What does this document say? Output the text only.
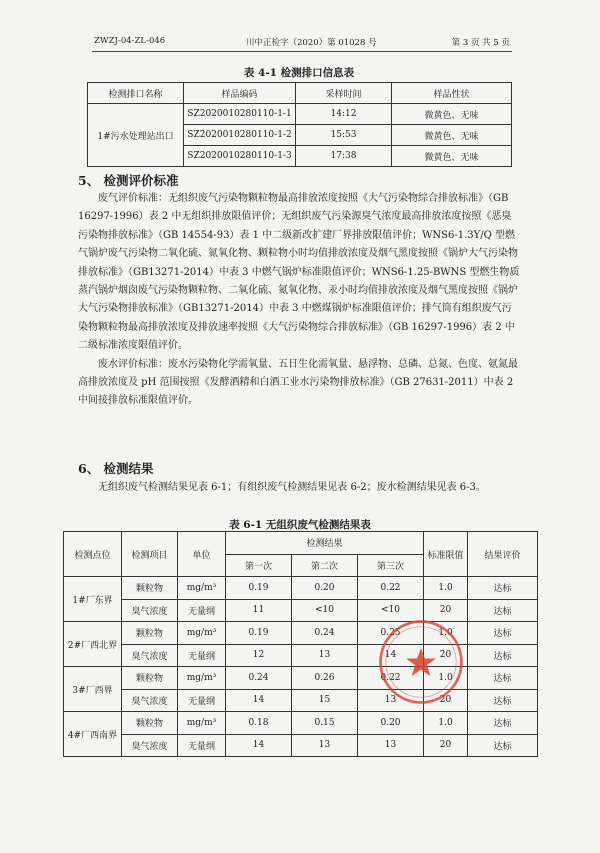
ZWZJ-04-ZL-046	川中正检字（2020）第 01028 号	第 3 页 共 5 页
表 4-1 检测排口信息表
检测排口名称	样品编码	采样时间	样品性状
1#污水处理站出口	SZ2020010280110-1-1	14:12	微黄色、无味
	SZ2020010280110-1-2	15:53	微黄色、无味
	SZ2020010280110-1-3	17:38	微黄色、无味
5、 检测评价标准

废气评价标准：无组织废气污染物颗粒物最高排放浓度按照《大气污染物综合排放标准》（GB 16297-1996）表 2 中无组织排放限值评价；无组织废气污染源臭气浓度最高排放浓度按照《恶臭污染物排放标准》（GB 14554-93）表 1 中二级新改扩建厂界排放限值评价；WNS6-1.3Y/Q 型燃气锅炉废气污染物二氧化硫、氮氧化物、颗粒物小时均值排放浓度及烟气黑度按照《锅炉大气污染物排放标准》（GB13271-2014）中表 3 中燃气锅炉标准限值评价；WNS6-1.25-BWNS 型燃生物质蒸汽锅炉烟囱废气污染物颗粒物、二氧化硫、氮氧化物、汞小时均值排放浓度及烟气黑度按照《锅炉大气污染物排放标准》（GB13271-2014）中表 3 中燃煤锅炉标准限值评价；排气筒有组织废气污染物颗粒物最高排放浓度及排放速率按照《大气污染物综合排放标准》（GB 16297-1996）表 2 中二级标准浓度限值评价。

废水评价标准：废水污染物化学需氧量、五日生化需氧量、悬浮物、总磷、总氮、色度、氨氮最高排放浓度及 pH 范围按照《发酵酒精和白酒工业水污染物排放标准》（GB 27631-2011）中表 2 中间接排放标准限值评价。

6、 检测结果

无组织废气检测结果见表 6-1；有组织废气检测结果见表 6-2；废水检测结果见表 6-3。

表 6-1 无组织废气检测结果表
检测点位	检测项目	单位	检测结果			标准限值	结果评价
			第一次	第二次	第三次		
1#厂东界	颗粒物	mg/m³	0.19	0.20	0.22	1.0	达标
	臭气浓度	无量纲	11	<10	<10	20	达标
2#厂西北界	颗粒物	mg/m³	0.19	0.24	0.25	1.0	达标
	臭气浓度	无量纲	12	13	14	20	达标
3#厂西界	颗粒物	mg/m³	0.24	0.26	0.22	1.0	达标
	臭气浓度	无量纲	14	15	13	20	达标
4#厂西南界	颗粒物	mg/m³	0.18	0.15	0.20	1.0	达标
	臭气浓度	无量纲	14	13	13	20	达标
